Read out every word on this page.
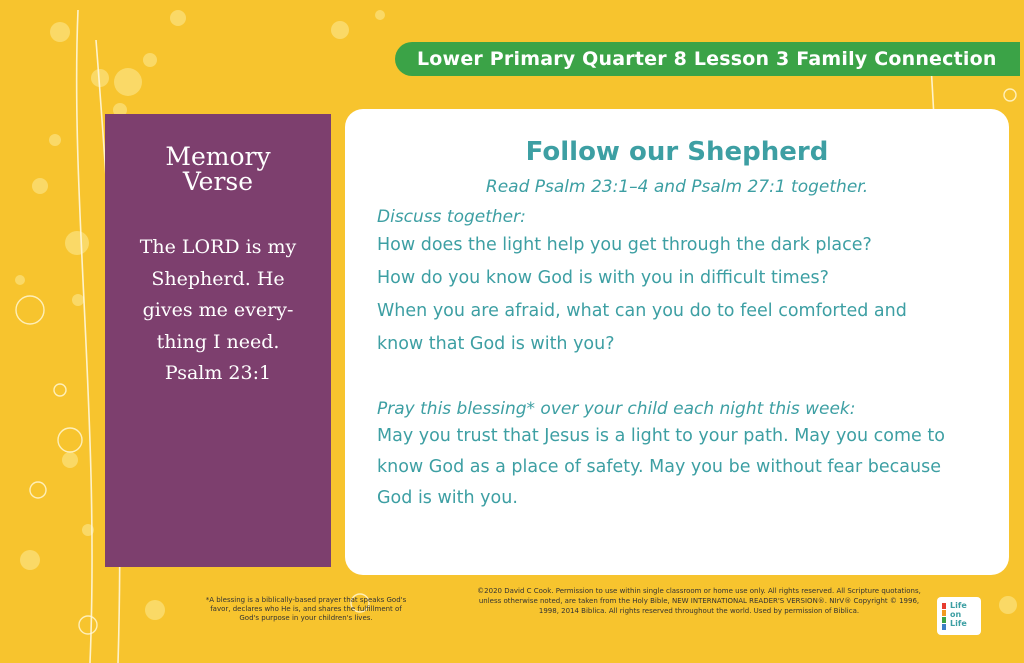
Lower Primary Quarter 8 Lesson 3 Family Connection
Memory
Verse
The LORD is my
Shepherd. He
gives me every-
thing I need.
Psalm 23:1
Follow our Shepherd
Read Psalm 23:1–4 and Psalm 27:1 together.
Discuss together:
How does the light help you get through the dark place?
How do you know God is with you in difficult times?
When you are afraid, what can you do to feel comforted and
know that God is with you?
Pray this blessing* over your child each night this week:
May you trust that Jesus is a light to your path. May you come to
know God as a place of safety. May you be without fear because
God is with you.
*A blessing is a biblically-based prayer that speaks God's favor, declares who He is, and shares the fulfillment of God's purpose in your children's lives.
©2020 David C Cook. Permission to use within single classroom or home use only. All rights reserved. All Scripture quotations, unless otherwise noted, are taken from the Holy Bible, NEW INTERNATIONAL READER'S VERSION®. NIrV® Copyright © 1996, 1998, 2014 Biblica. All rights reserved throughout the world. Used by permission of Biblica.
Life
on
Life
